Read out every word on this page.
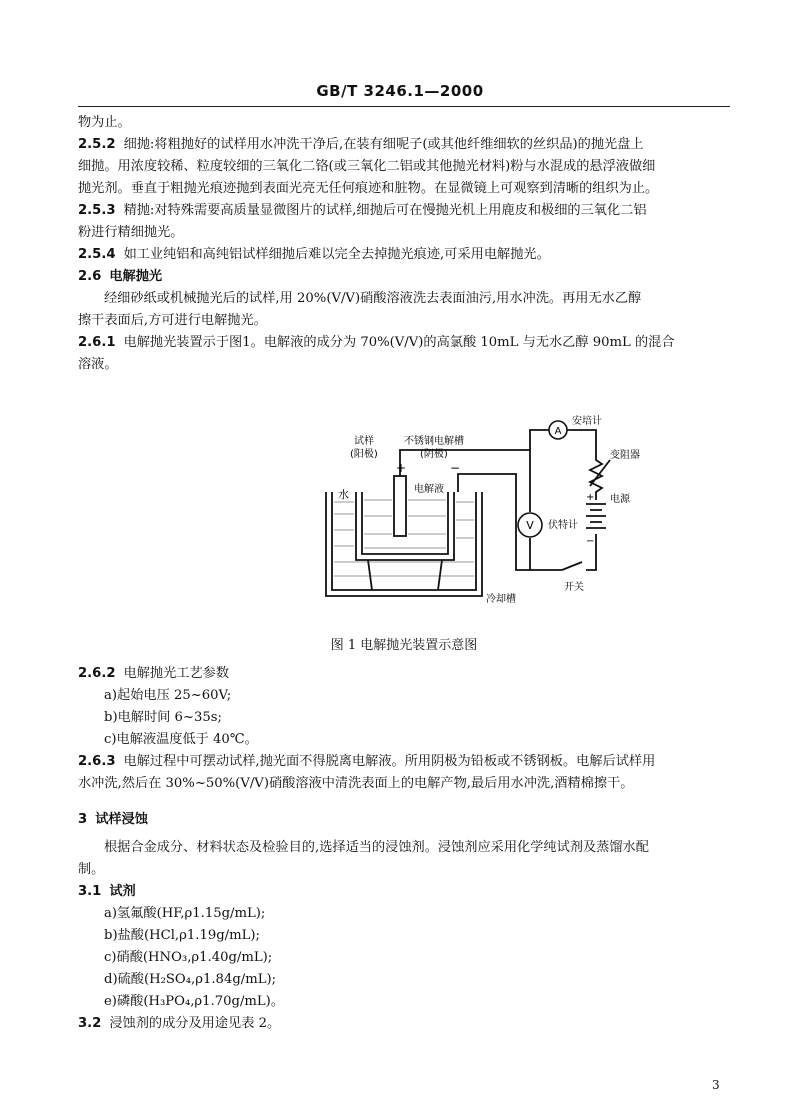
GB/T 3246.1—2000

物为止。

2.5.2 细抛:将粗抛好的试样用水冲洗干净后,在装有细呢子(或其他纤维细软的丝织品)的抛光盘上

细抛。用浓度较稀、粒度较细的三氧化二铬(或三氧化二铝或其他抛光材料)粉与水混成的悬浮液做细

抛光剂。垂直于粗抛光痕迹抛到表面光亮无任何痕迹和脏物。在显微镜上可观察到清晰的组织为止。

2.5.3 精抛:对特殊需要高质量显微图片的试样,细抛后可在慢抛光机上用鹿皮和极细的三氧化二铝

粉进行精细抛光。

2.5.4 如工业纯铝和高纯铝试样细抛后难以完全去掉抛光痕迹,可采用电解抛光。

2.6 电解抛光

经细砂纸或机械抛光后的试样,用 20%(V/V)硝酸溶液洗去表面油污,用水冲洗。再用无水乙醇

擦干表面后,方可进行电解抛光。

2.6.1 电解抛光装置示于图1。电解液的成分为 70%(V/V)的高氯酸 10mL 与无水乙醇 90mL 的混合

溶液。

A
V
试样
(阳极)
不锈钢电解槽
(阴极)
水	电解液
冷却槽
安培计
变阻器
电源
伏特计
开关
+	−
+
−
图 1 电解抛光装置示意图

2.6.2 电解抛光工艺参数

a)起始电压 25~60V;

b)电解时间 6~35s;

c)电解液温度低于 40℃。

2.6.3 电解过程中可摆动试样,抛光面不得脱离电解液。所用阴极为铅板或不锈钢板。电解后试样用

水冲洗,然后在 30%~50%(V/V)硝酸溶液中清洗表面上的电解产物,最后用水冲洗,酒精棉擦干。

3 试样浸蚀

根据合金成分、材料状态及检验目的,选择适当的浸蚀剂。浸蚀剂应采用化学纯试剂及蒸馏水配

制。

3.1 试剂

a)氢氟酸(HF,ρ1.15g/mL);

b)盐酸(HCl,ρ1.19g/mL);

c)硝酸(HNO₃,ρ1.40g/mL);

d)硫酸(H₂SO₄,ρ1.84g/mL);

e)磷酸(H₃PO₄,ρ1.70g/mL)。

3.2 浸蚀剂的成分及用途见表 2。

3
